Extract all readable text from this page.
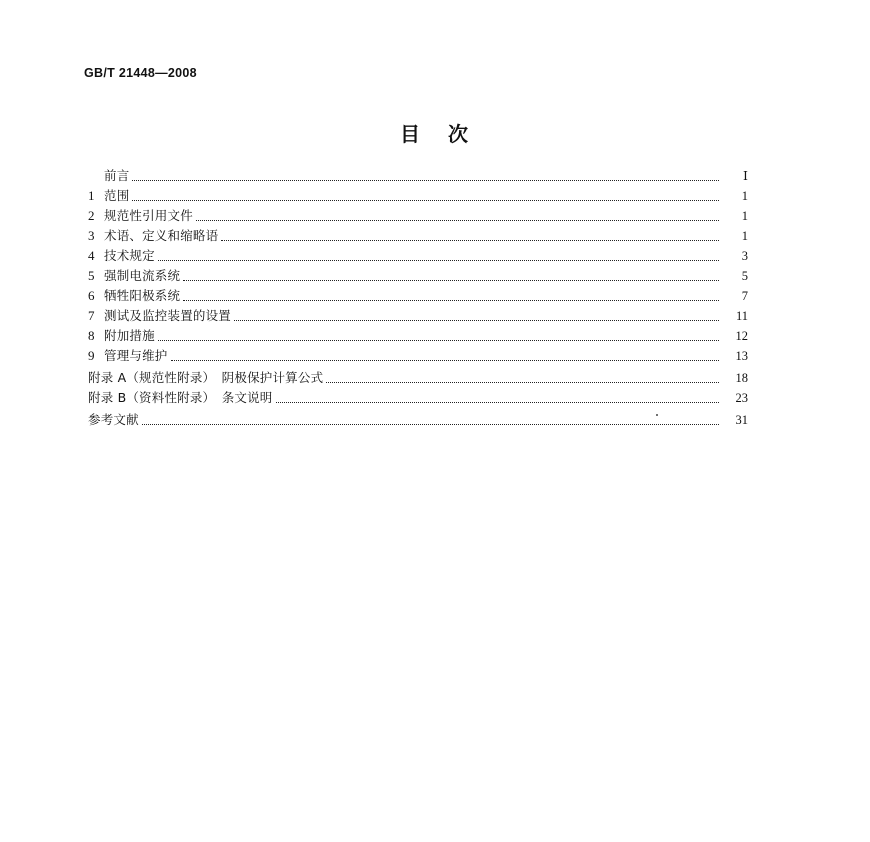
GB/T 21448—2008
目 次
前言	Ⅰ
1 范围	1
2 规范性引用文件	1
3 术语、定义和缩略语	1
4 技术规定	3
5 强制电流系统	5
6 牺牲阳极系统	7
7 测试及监控装置的设置	11
8 附加措施	12
9 管理与维护	13
附录 A（规范性附录）　阴极保护计算公式	18
附录 B（资料性附录）　条文说明	23
参考文献	31
